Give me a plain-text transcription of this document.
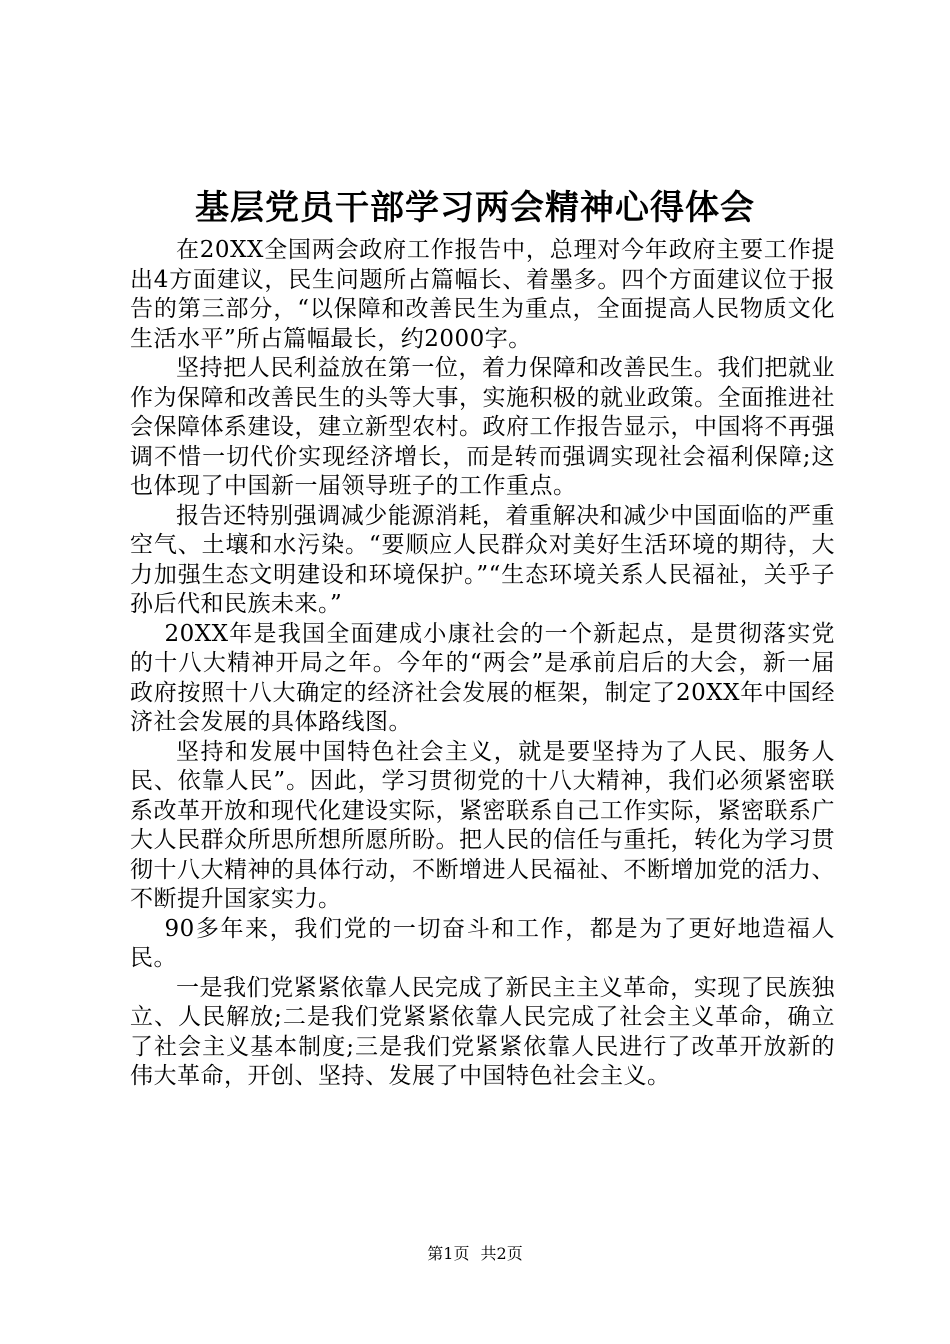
基层党员干部学习两会精神心得体会

在20XX全国两会政府工作报告中，总理对今年政府主要工作提出4方面建议，民生问题所占篇幅长、着墨多。四个方面建议位于报告的第三部分，“以保障和改善民生为重点，全面提高人民物质文化生活水平”所占篇幅最长，约2000字。

坚持把人民利益放在第一位，着力保障和改善民生。我们把就业作为保障和改善民生的头等大事，实施积极的就业政策。全面推进社会保障体系建设，建立新型农村。政府工作报告显示，中国将不再强调不惜一切代价实现经济增长，而是转而强调实现社会福利保障;这也体现了中国新一届领导班子的工作重点。

报告还特别强调减少能源消耗，着重解决和减少中国面临的严重空气、土壤和水污染。“要顺应人民群众对美好生活环境的期待，大力加强生态文明建设和环境保护。”“生态环境关系人民福祉，关乎子孙后代和民族未来。”

20XX年是我国全面建成小康社会的一个新起点，是贯彻落实党的十八大精神开局之年。今年的“两会”是承前启后的大会，新一届政府按照十八大确定的经济社会发展的框架，制定了20XX年中国经济社会发展的具体路线图。

坚持和发展中国特色社会主义，就是要坚持为了人民、服务人民、依靠人民”。因此，学习贯彻党的十八大精神，我们必须紧密联系改革开放和现代化建设实际，紧密联系自己工作实际，紧密联系广大人民群众所思所想所愿所盼。把人民的信任与重托，转化为学习贯彻十八大精神的具体行动，不断增进人民福祉、不断增加党的活力、不断提升国家实力。

90多年来，我们党的一切奋斗和工作，都是为了更好地造福人民。

一是我们党紧紧依靠人民完成了新民主主义革命，实现了民族独立、人民解放;二是我们党紧紧依靠人民完成了社会主义革命，确立了社会主义基本制度;三是我们党紧紧依靠人民进行了改革开放新的伟大革命，开创、坚持、发展了中国特色社会主义。

第1页 共2页
